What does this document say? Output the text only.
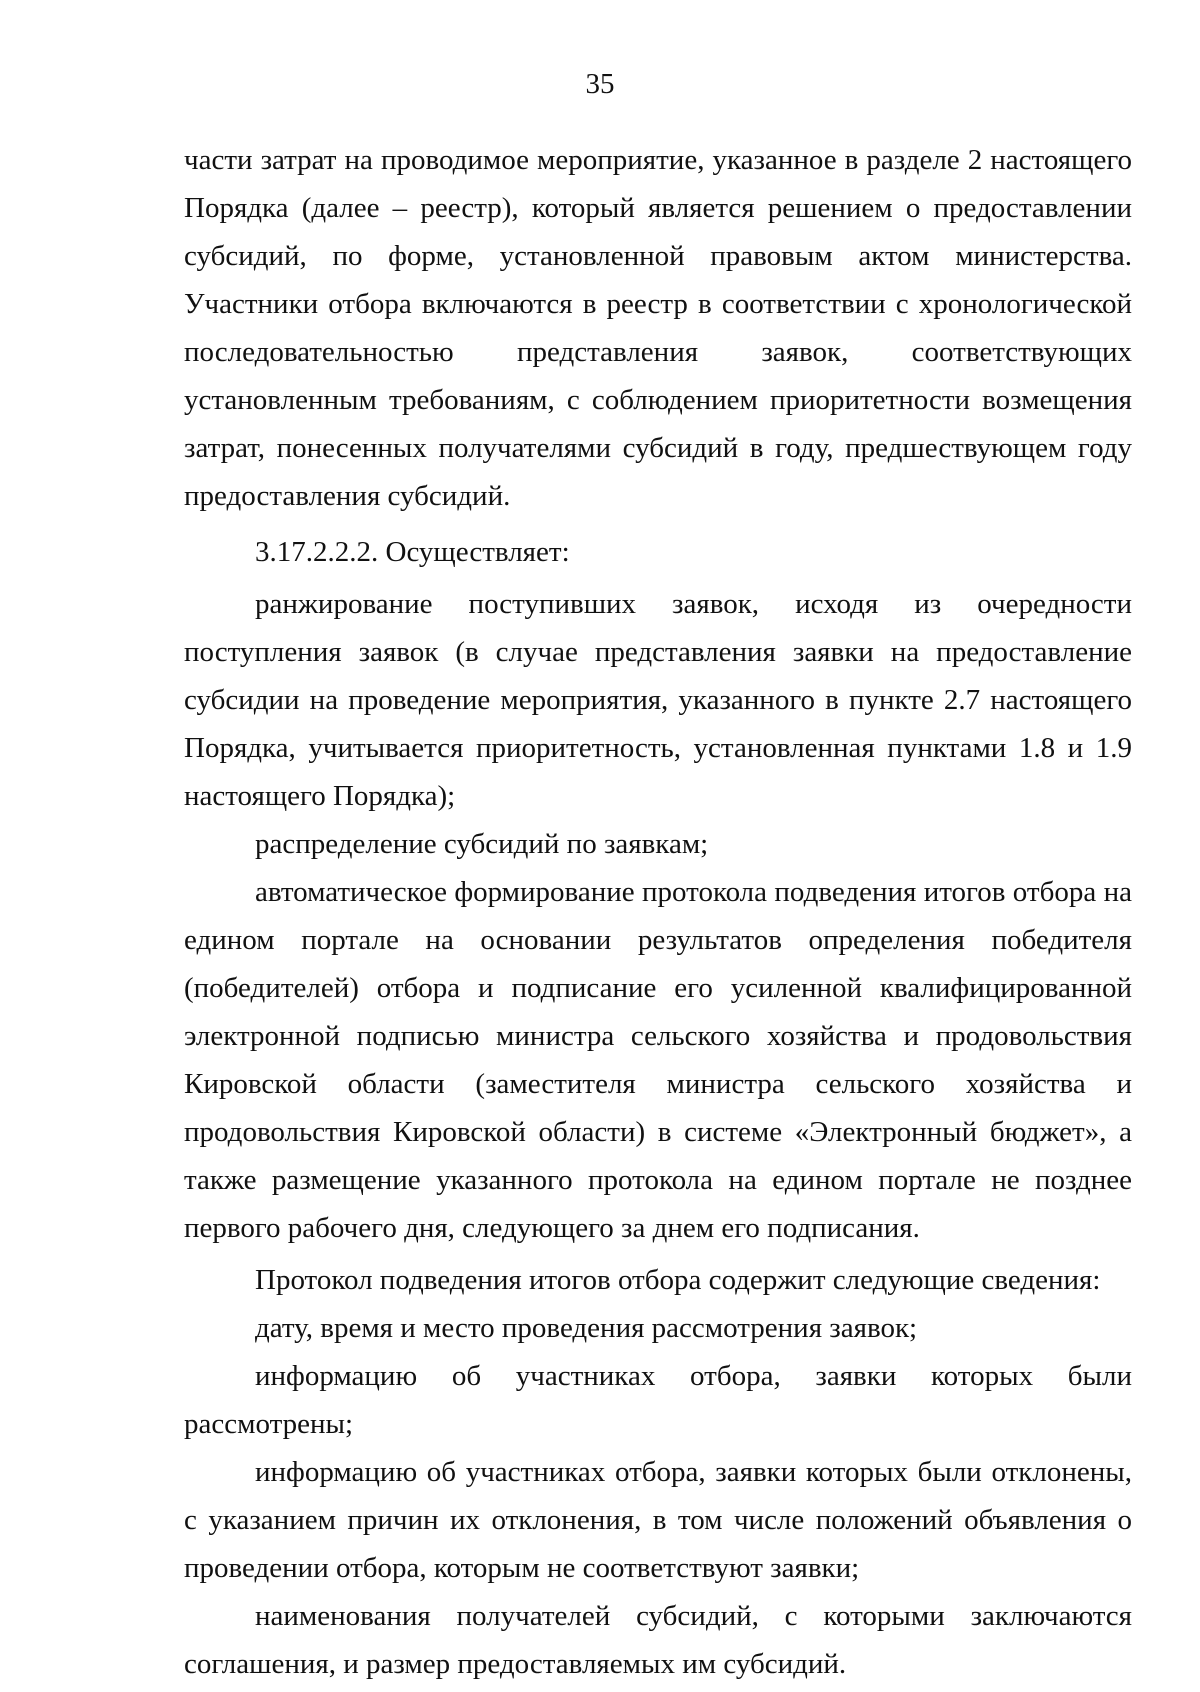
35

части затрат на проводимое мероприятие, указанное в разделе 2 настоящего Порядка (далее – реестр), который является решением о предоставлении субсидий, по форме, установленной правовым актом министерства. Участники отбора включаются в реестр в соответствии с хронологической последовательностью представления заявок, соответствующих установленным требованиям, с соблюдением приоритетности возмещения затрат, понесенных получателями субсидий в году, предшествующем году предоставления субсидий.

3.17.2.2.2. Осуществляет:

ранжирование поступивших заявок, исходя из очередности поступления заявок (в случае представления заявки на предоставление субсидии на проведение мероприятия, указанного в пункте 2.7 настоящего Порядка, учитывается приоритетность, установленная пунктами 1.8 и 1.9 настоящего Порядка);

распределение субсидий по заявкам;

автоматическое формирование протокола подведения итогов отбора на едином портале на основании результатов определения победителя (победителей) отбора и подписание его усиленной квалифицированной электронной подписью министра сельского хозяйства и продовольствия Кировской области (заместителя министра сельского хозяйства и продовольствия Кировской области) в системе «Электронный бюджет», а также размещение указанного протокола на едином портале не позднее первого рабочего дня, следующего за днем его подписания.

Протокол подведения итогов отбора содержит следующие сведения:

дату, время и место проведения рассмотрения заявок;

информацию об участниках отбора, заявки которых были рассмотрены;

информацию об участниках отбора, заявки которых были отклонены, с указанием причин их отклонения, в том числе положений объявления о проведении отбора, которым не соответствуют заявки;

наименования получателей субсидий, с которыми заключаются соглашения, и размер предоставляемых им субсидий.
